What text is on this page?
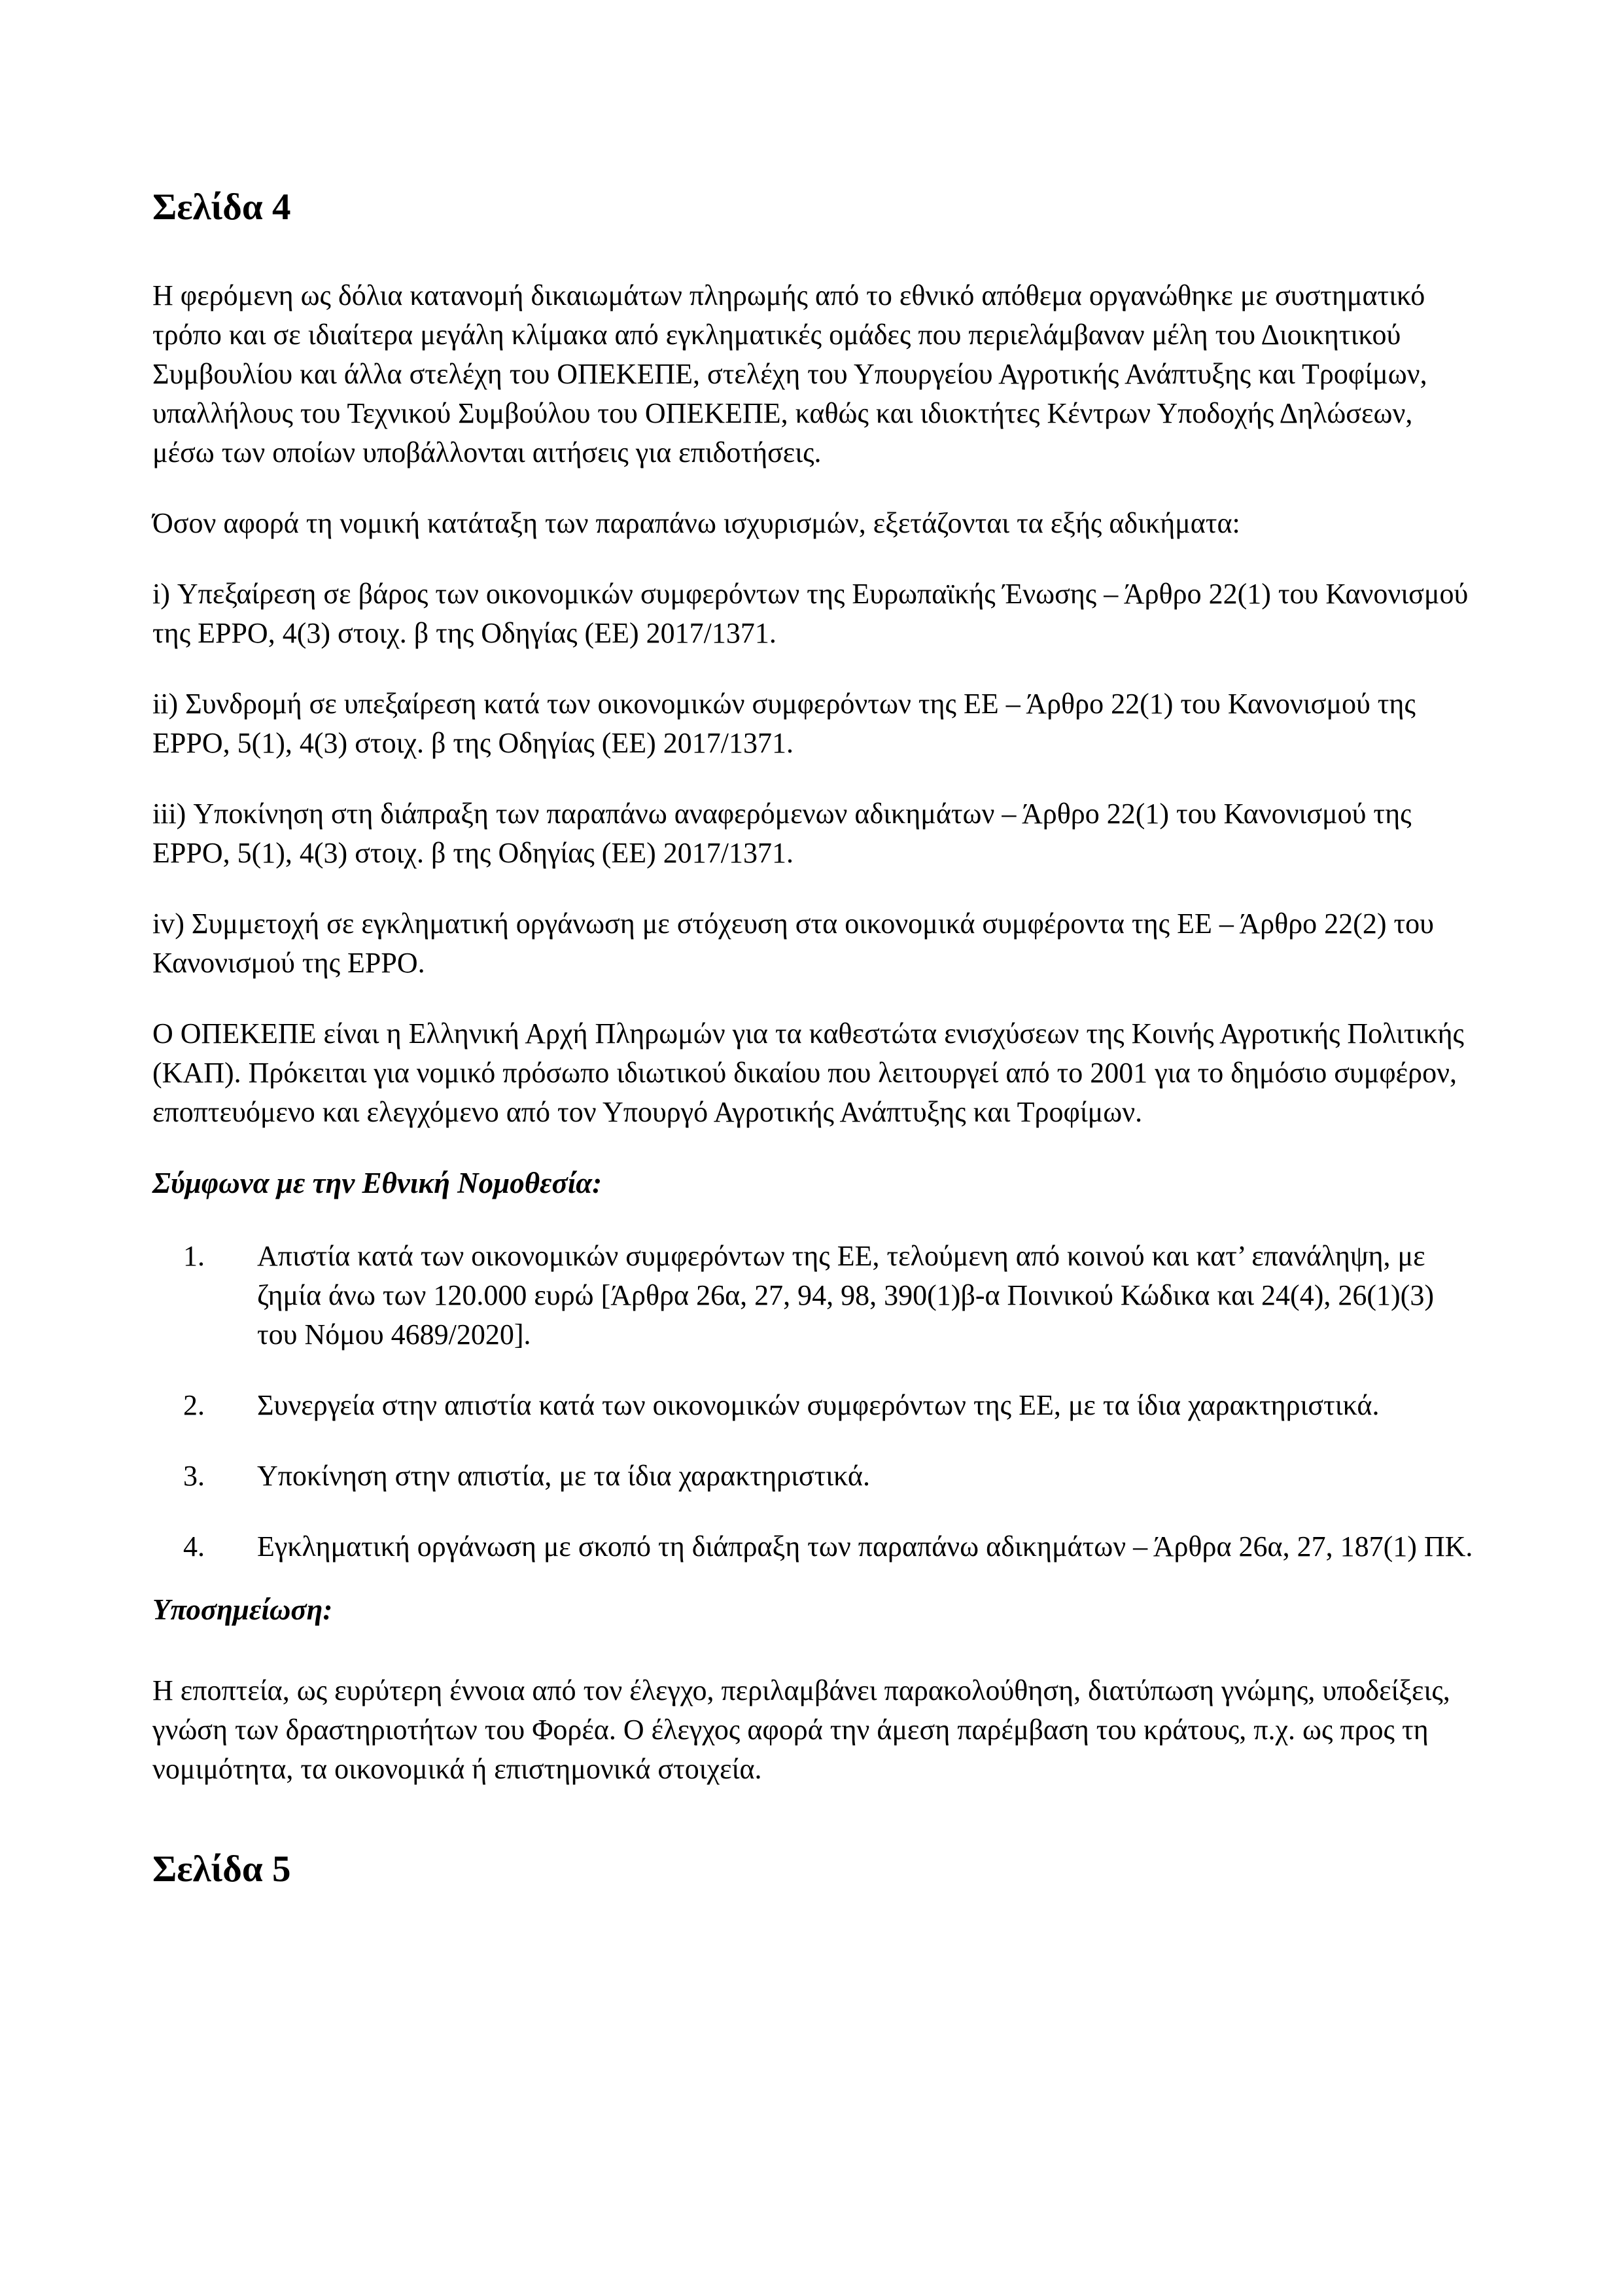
Σελίδα 4

Η φερόμενη ως δόλια κατανομή δικαιωμάτων πληρωμής από το εθνικό απόθεμα οργανώθηκε με συστηματικό τρόπο και σε ιδιαίτερα μεγάλη κλίμακα από εγκληματικές ομάδες που περιελάμβαναν μέλη του Διοικητικού Συμβουλίου και άλλα στελέχη του ΟΠΕΚΕΠΕ, στελέχη του Υπουργείου Αγροτικής Ανάπτυξης και Τροφίμων, υπαλλήλους του Τεχνικού Συμβούλου του ΟΠΕΚΕΠΕ, καθώς και ιδιοκτήτες Κέντρων Υποδοχής Δηλώσεων, μέσω των οποίων υποβάλλονται αιτήσεις για επιδοτήσεις.

Όσον αφορά τη νομική κατάταξη των παραπάνω ισχυρισμών, εξετάζονται τα εξής αδικήματα:

i) Υπεξαίρεση σε βάρος των οικονομικών συμφερόντων της Ευρωπαϊκής Ένωσης – Άρθρο 22(1) του Κανονισμού της EPPO, 4(3) στοιχ. β της Οδηγίας (ΕΕ) 2017/1371.

ii) Συνδρομή σε υπεξαίρεση κατά των οικονομικών συμφερόντων της ΕΕ – Άρθρο 22(1) του Κανονισμού της EPPO, 5(1), 4(3) στοιχ. β της Οδηγίας (ΕΕ) 2017/1371.

iii) Υποκίνηση στη διάπραξη των παραπάνω αναφερόμενων αδικημάτων – Άρθρο 22(1) του Κανονισμού της EPPO, 5(1), 4(3) στοιχ. β της Οδηγίας (ΕΕ) 2017/1371.

iv) Συμμετοχή σε εγκληματική οργάνωση με στόχευση στα οικονομικά συμφέροντα της ΕΕ – Άρθρο 22(2) του Κανονισμού της EPPO.

Ο ΟΠΕΚΕΠΕ είναι η Ελληνική Αρχή Πληρωμών για τα καθεστώτα ενισχύσεων της Κοινής Αγροτικής Πολιτικής (ΚΑΠ). Πρόκειται για νομικό πρόσωπο ιδιωτικού δικαίου που λειτουργεί από το 2001 για το δημόσιο συμφέρον, εποπτευόμενο και ελεγχόμενο από τον Υπουργό Αγροτικής Ανάπτυξης και Τροφίμων.

Σύμφωνα με την Εθνική Νομοθεσία:
1. Απιστία κατά των οικονομικών συμφερόντων της ΕΕ, τελούμενη από κοινού και κατ’ επανάληψη, με ζημία άνω των 120.000 ευρώ [Άρθρα 26α, 27, 94, 98, 390(1)β-α Ποινικού Κώδικα και 24(4), 26(1)(3) του Νόμου 4689/2020].
2. Συνεργεία στην απιστία κατά των οικονομικών συμφερόντων της ΕΕ, με τα ίδια χαρακτηριστικά.
3. Υποκίνηση στην απιστία, με τα ίδια χαρακτηριστικά.
4. Εγκληματική οργάνωση με σκοπό τη διάπραξη των παραπάνω αδικημάτων – Άρθρα 26α, 27, 187(1) ΠΚ.
Υποσημείωση:

Η εποπτεία, ως ευρύτερη έννοια από τον έλεγχο, περιλαμβάνει παρακολούθηση, διατύπωση γνώμης, υποδείξεις, γνώση των δραστηριοτήτων του Φορέα. Ο έλεγχος αφορά την άμεση παρέμβαση του κράτους, π.χ. ως προς τη νομιμότητα, τα οικονομικά ή επιστημονικά στοιχεία.

Σελίδα 5
